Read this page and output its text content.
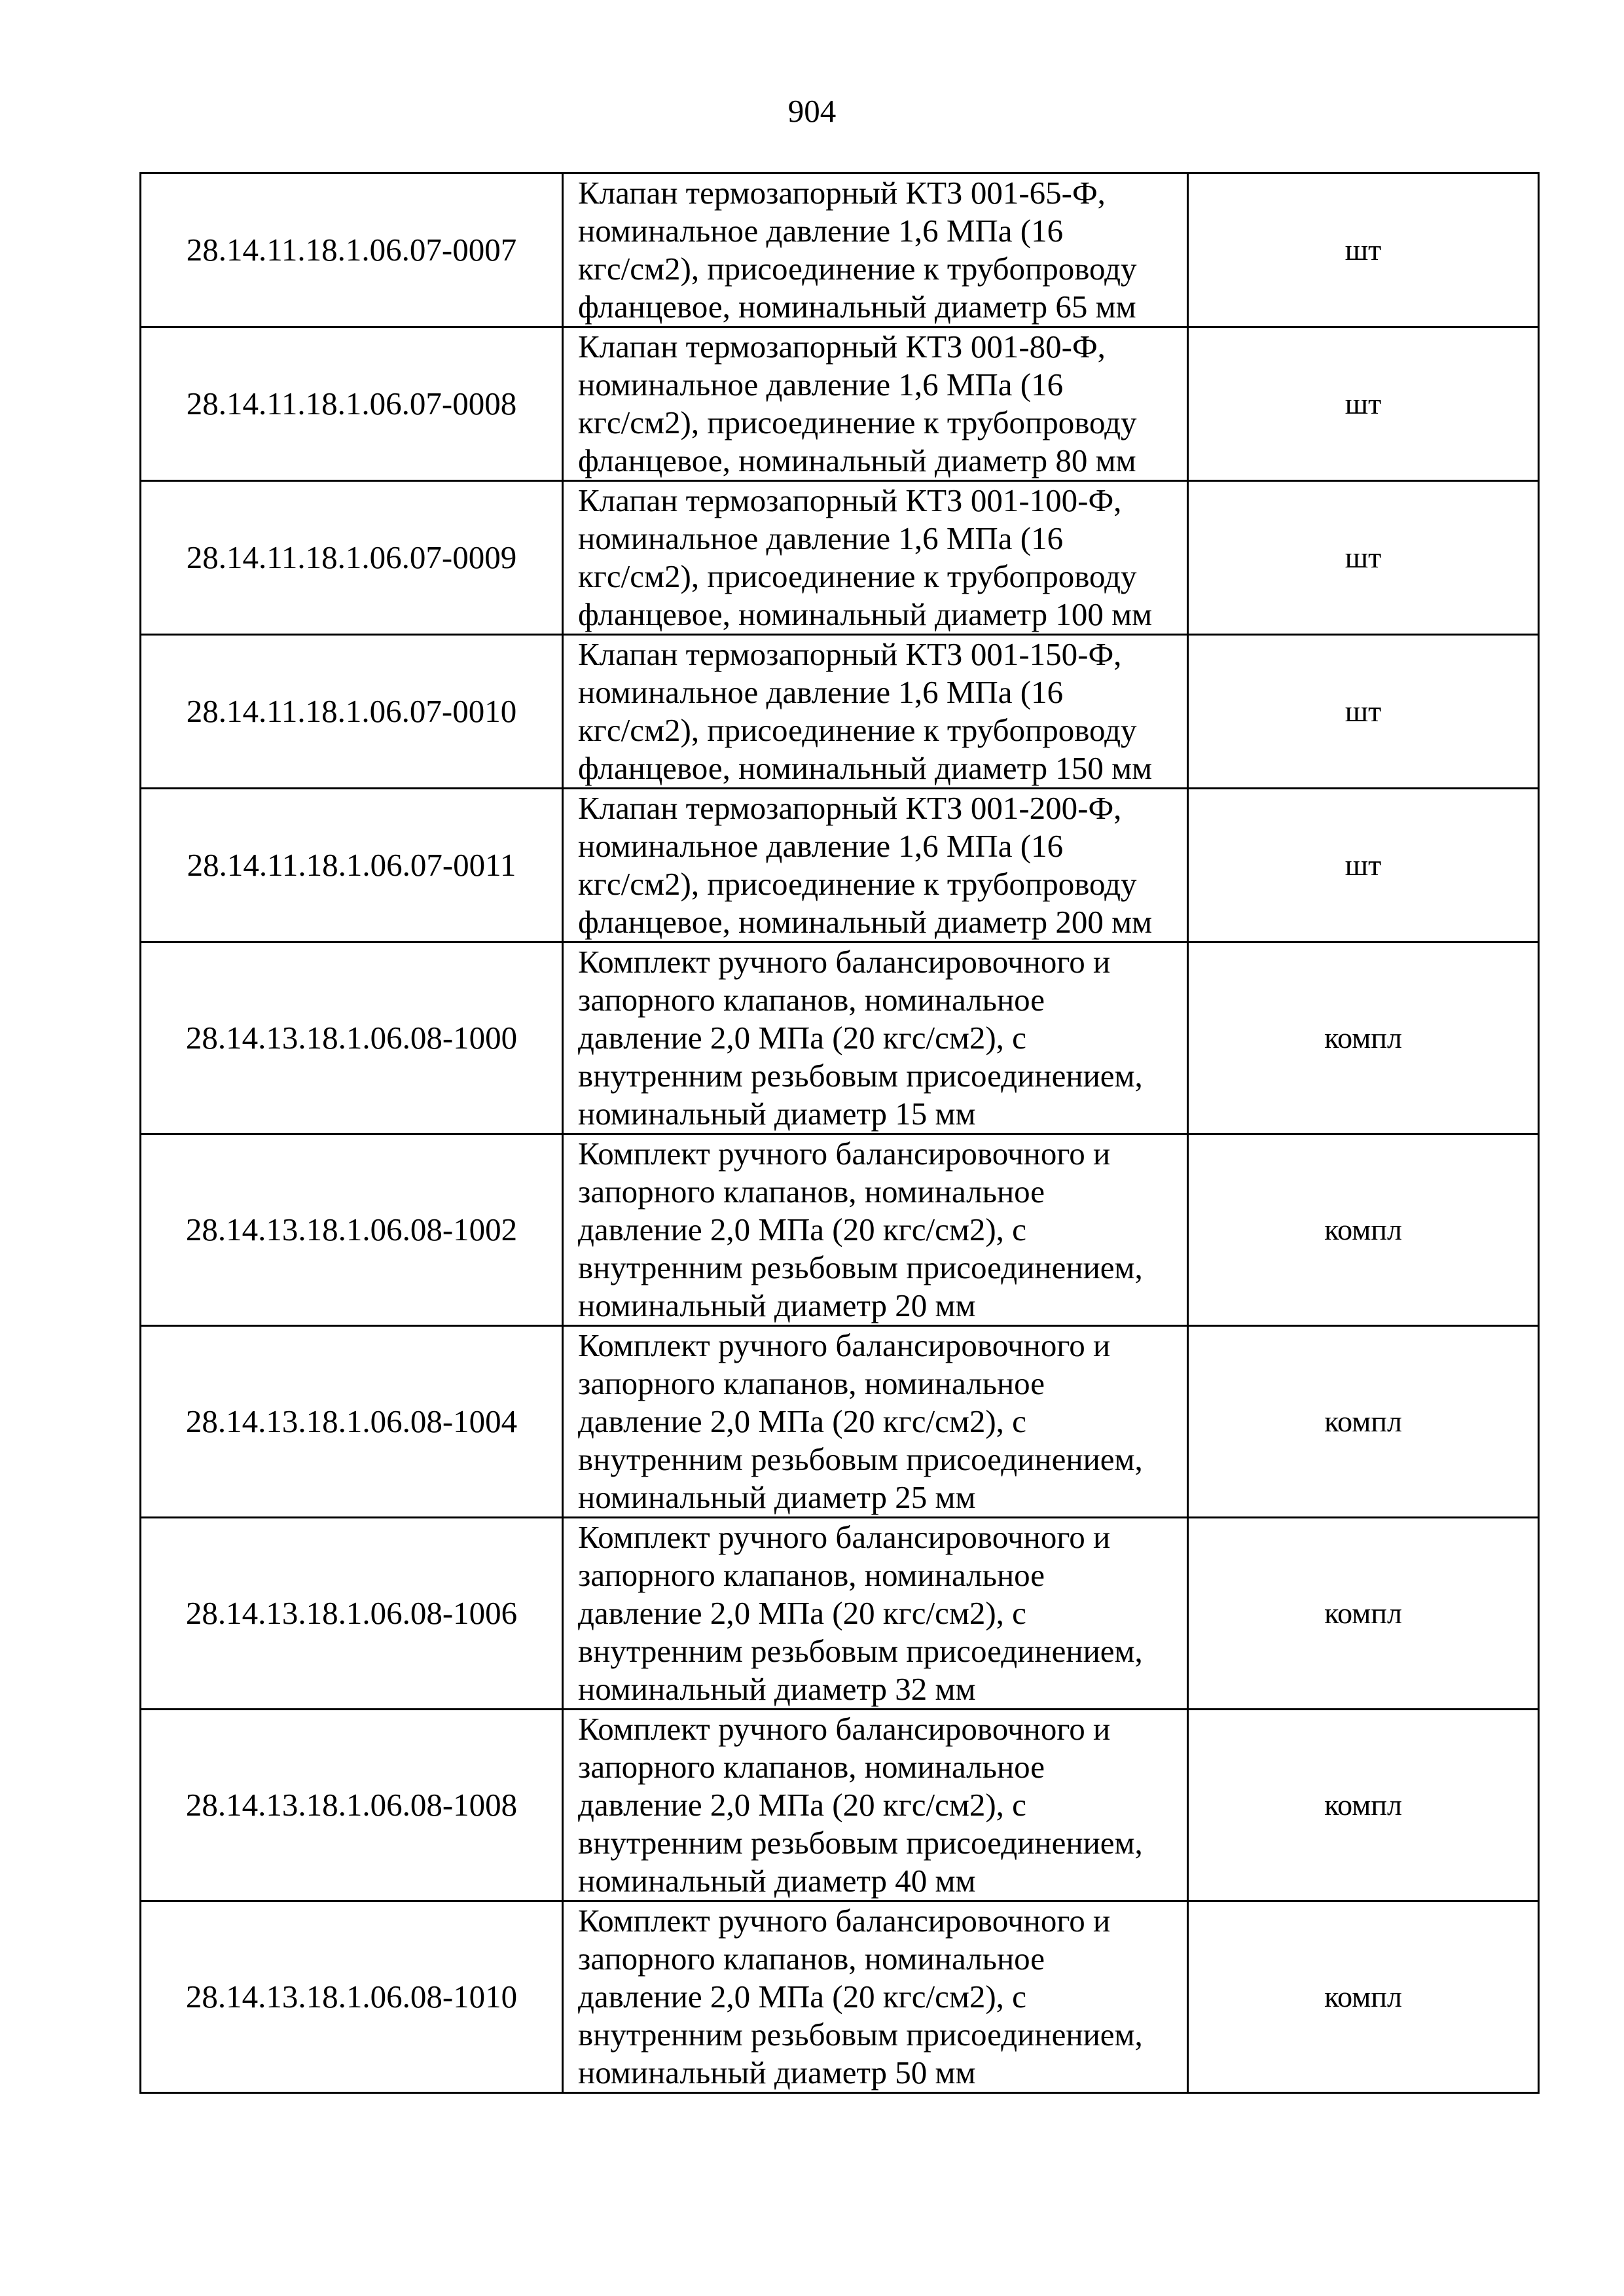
904
28.14.11.18.1.06.07-0007	Клапан термозапорный КТЗ 001-65-Ф,
номинальное давление 1,6 МПа (16
кгс/см2), присоединение к трубопроводу
фланцевое, номинальный диаметр 65 мм	шт
28.14.11.18.1.06.07-0008	Клапан термозапорный КТЗ 001-80-Ф,
номинальное давление 1,6 МПа (16
кгс/см2), присоединение к трубопроводу
фланцевое, номинальный диаметр 80 мм	шт
28.14.11.18.1.06.07-0009	Клапан термозапорный КТЗ 001-100-Ф,
номинальное давление 1,6 МПа (16
кгс/см2), присоединение к трубопроводу
фланцевое, номинальный диаметр 100 мм	шт
28.14.11.18.1.06.07-0010	Клапан термозапорный КТЗ 001-150-Ф,
номинальное давление 1,6 МПа (16
кгс/см2), присоединение к трубопроводу
фланцевое, номинальный диаметр 150 мм	шт
28.14.11.18.1.06.07-0011	Клапан термозапорный КТЗ 001-200-Ф,
номинальное давление 1,6 МПа (16
кгс/см2), присоединение к трубопроводу
фланцевое, номинальный диаметр 200 мм	шт
28.14.13.18.1.06.08-1000	Комплект ручного балансировочного и
запорного клапанов, номинальное
давление 2,0 МПа (20 кгс/см2), с
внутренним резьбовым присоединением,
номинальный диаметр 15 мм	компл
28.14.13.18.1.06.08-1002	Комплект ручного балансировочного и
запорного клапанов, номинальное
давление 2,0 МПа (20 кгс/см2), с
внутренним резьбовым присоединением,
номинальный диаметр 20 мм	компл
28.14.13.18.1.06.08-1004	Комплект ручного балансировочного и
запорного клапанов, номинальное
давление 2,0 МПа (20 кгс/см2), с
внутренним резьбовым присоединением,
номинальный диаметр 25 мм	компл
28.14.13.18.1.06.08-1006	Комплект ручного балансировочного и
запорного клапанов, номинальное
давление 2,0 МПа (20 кгс/см2), с
внутренним резьбовым присоединением,
номинальный диаметр 32 мм	компл
28.14.13.18.1.06.08-1008	Комплект ручного балансировочного и
запорного клапанов, номинальное
давление 2,0 МПа (20 кгс/см2), с
внутренним резьбовым присоединением,
номинальный диаметр 40 мм	компл
28.14.13.18.1.06.08-1010	Комплект ручного балансировочного и
запорного клапанов, номинальное
давление 2,0 МПа (20 кгс/см2), с
внутренним резьбовым присоединением,
номинальный диаметр 50 мм	компл
